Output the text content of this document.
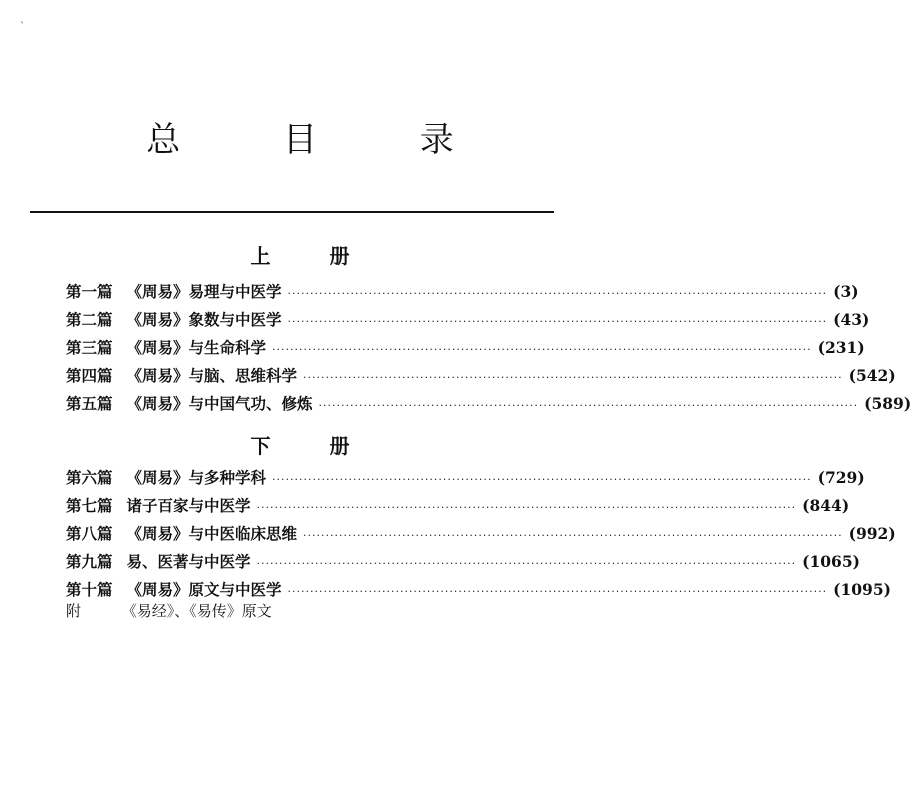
`
总 目 录
上 册
第一篇 《周易》易理与中医学 ························································································································ (3)
第二篇 《周易》象数与中医学 ························································································································ (43)
第三篇 《周易》与生命科学 ························································································································ (231)
第四篇 《周易》与脑、思维科学 ························································································································ (542)
第五篇 《周易》与中国气功、修炼 ························································································································ (589)
下 册
第六篇 《周易》与多种学科 ························································································································ (729)
第七篇 诸子百家与中医学 ························································································································ (844)
第八篇 《周易》与中医临床思维 ························································································································ (992)
第九篇 易、医著与中医学 ························································································································ (1065)
第十篇 《周易》原文与中医学 ························································································································ (1095)
附	《易经》、《易传》原文
